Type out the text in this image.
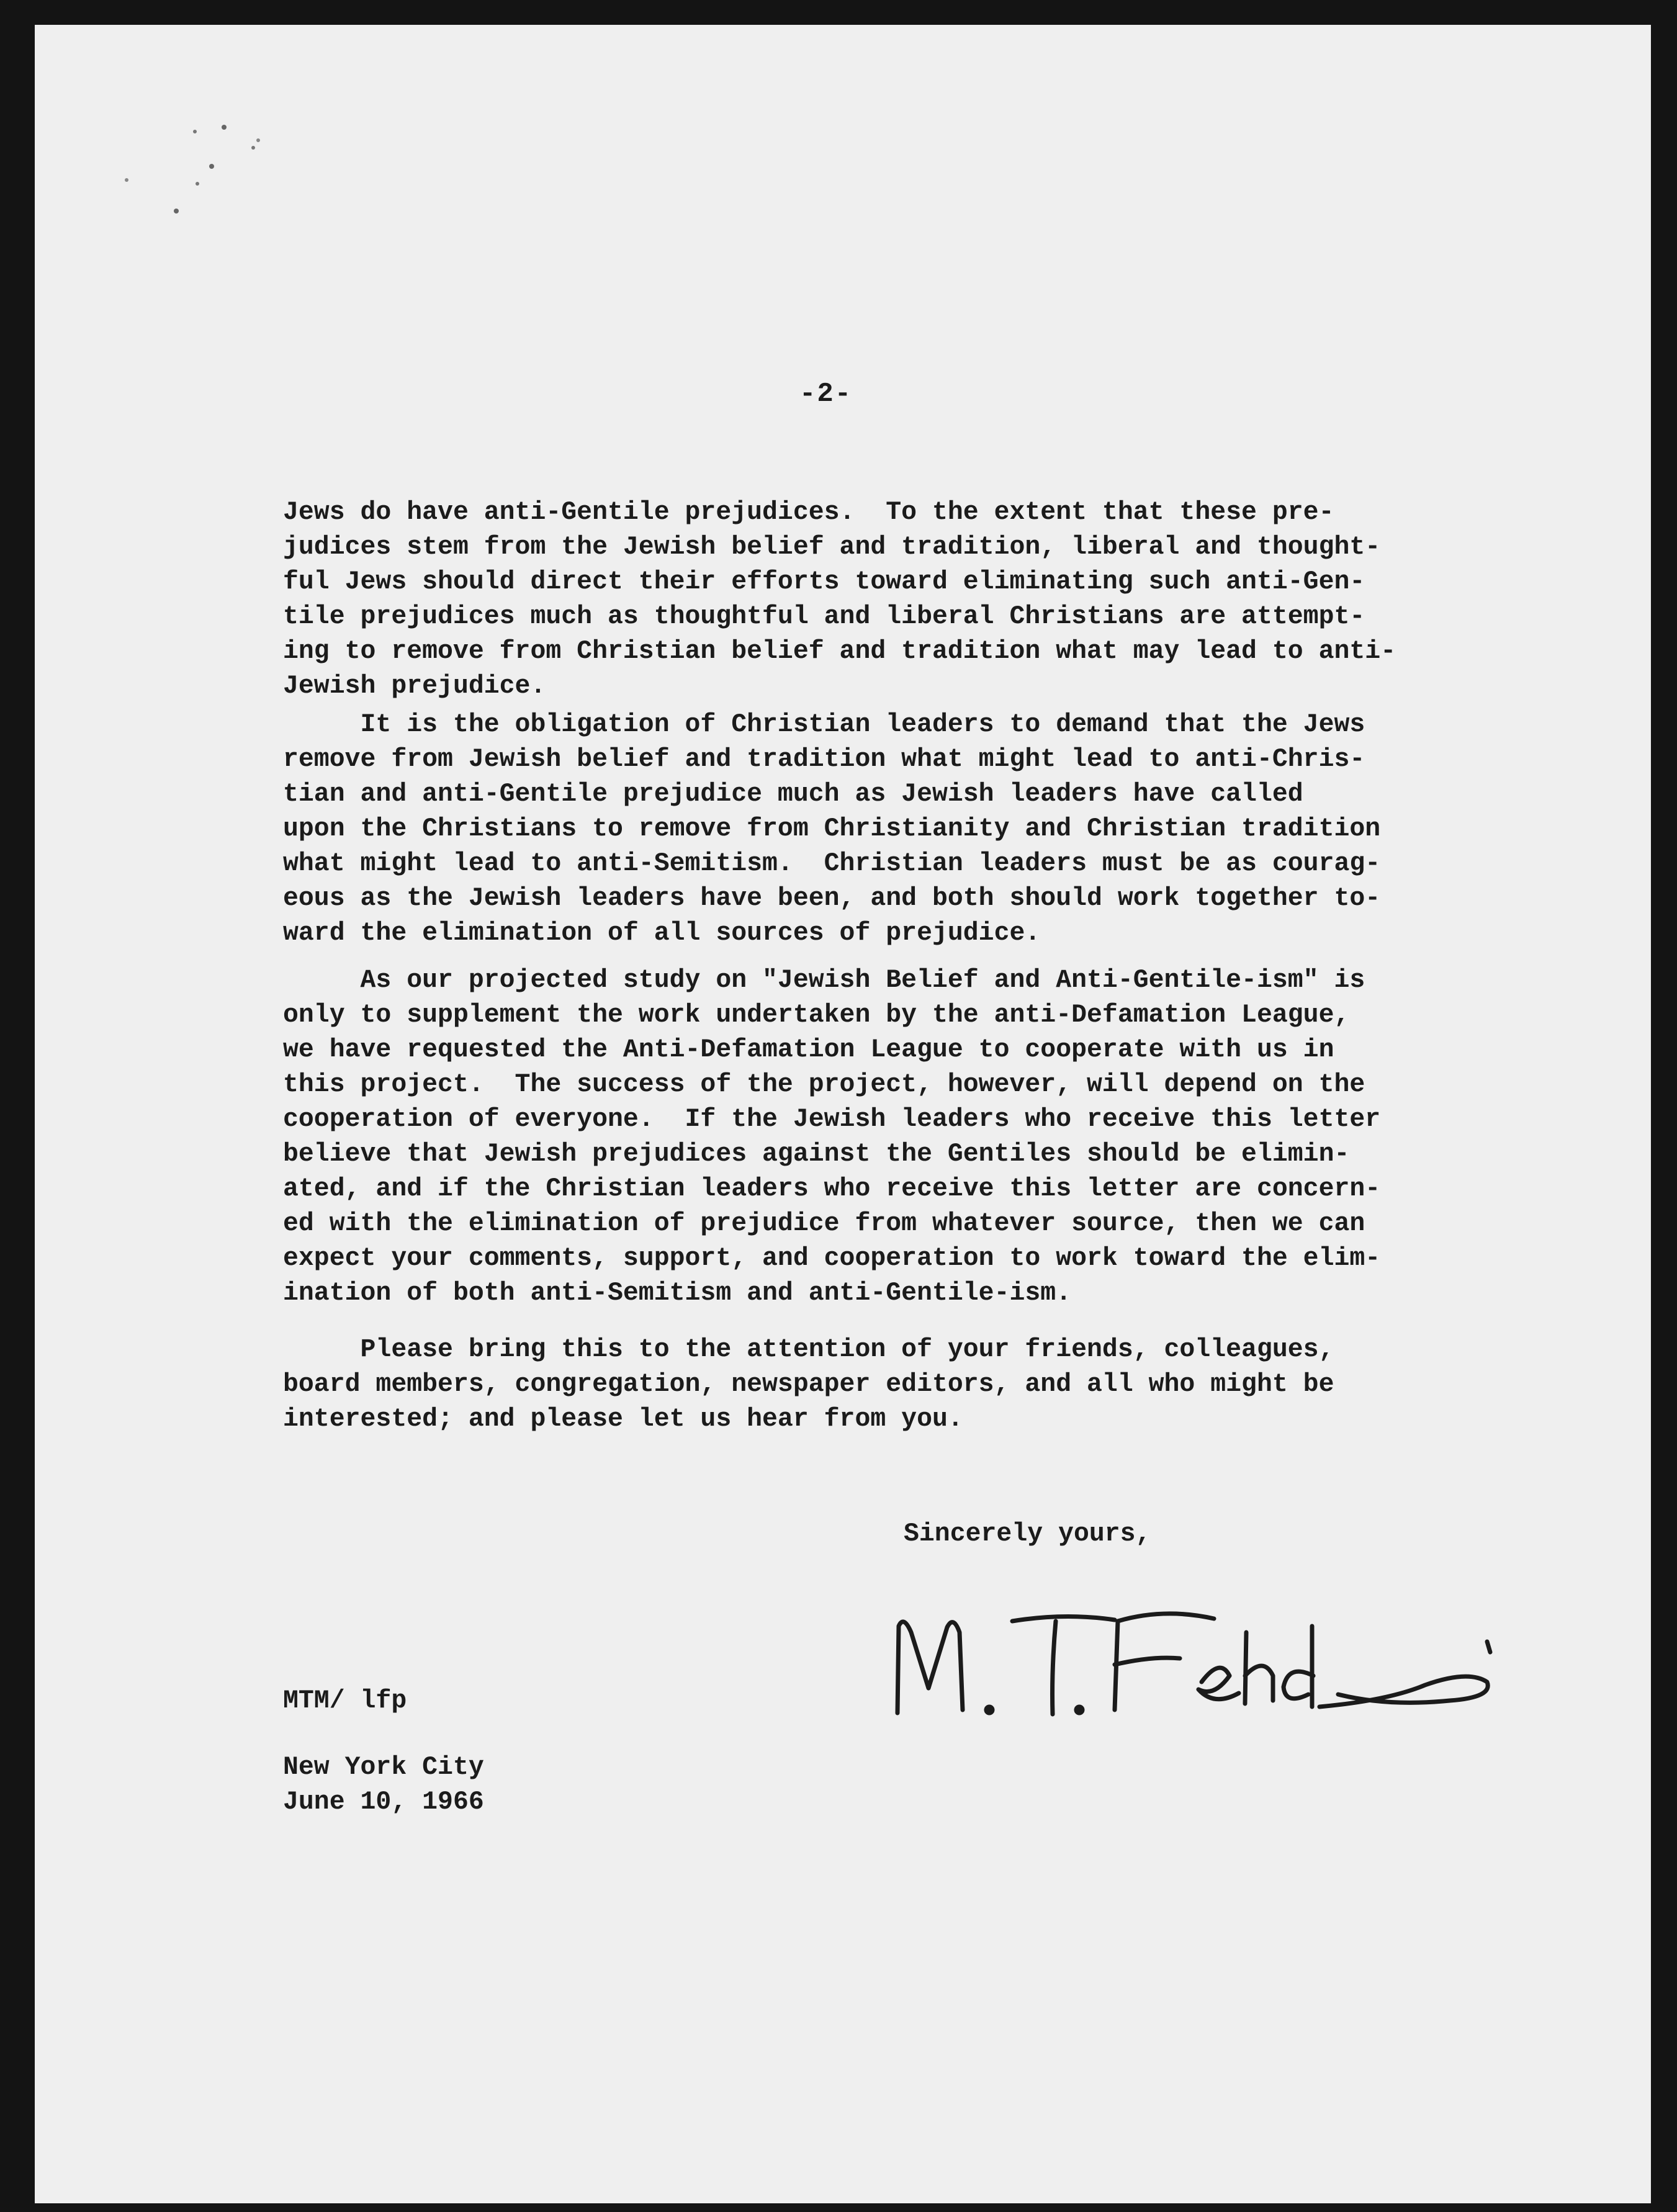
-2-

Jews do have anti-Gentile prejudices.  To the extent that these pre-
judices stem from the Jewish belief and tradition, liberal and thought-
ful Jews should direct their efforts toward eliminating such anti-Gen-
tile prejudices much as thoughtful and liberal Christians are attempt-
ing to remove from Christian belief and tradition what may lead to anti-
Jewish prejudice.

It is the obligation of Christian leaders to demand that the Jews
remove from Jewish belief and tradition what might lead to anti-Chris-
tian and anti-Gentile prejudice much as Jewish leaders have called
upon the Christians to remove from Christianity and Christian tradition
what might lead to anti-Semitism.  Christian leaders must be as courag-
eous as the Jewish leaders have been, and both should work together to-
ward the elimination of all sources of prejudice.

As our projected study on "Jewish Belief and Anti-Gentile-ism" is
only to supplement the work undertaken by the anti-Defamation League,
we have requested the Anti-Defamation League to cooperate with us in
this project.  The success of the project, however, will depend on the
cooperation of everyone.  If the Jewish leaders who receive this letter
believe that Jewish prejudices against the Gentiles should be elimin-
ated, and if the Christian leaders who receive this letter are concern-
ed with the elimination of prejudice from whatever source, then we can
expect your comments, support, and cooperation to work toward the elim-
ination of both anti-Semitism and anti-Gentile-ism.

Please bring this to the attention of your friends, colleagues,
board members, congregation, newspaper editors, and all who might be
interested; and please let us hear from you.

Sincerely yours,
MTM/ lfp
New York City
June 10, 1966
